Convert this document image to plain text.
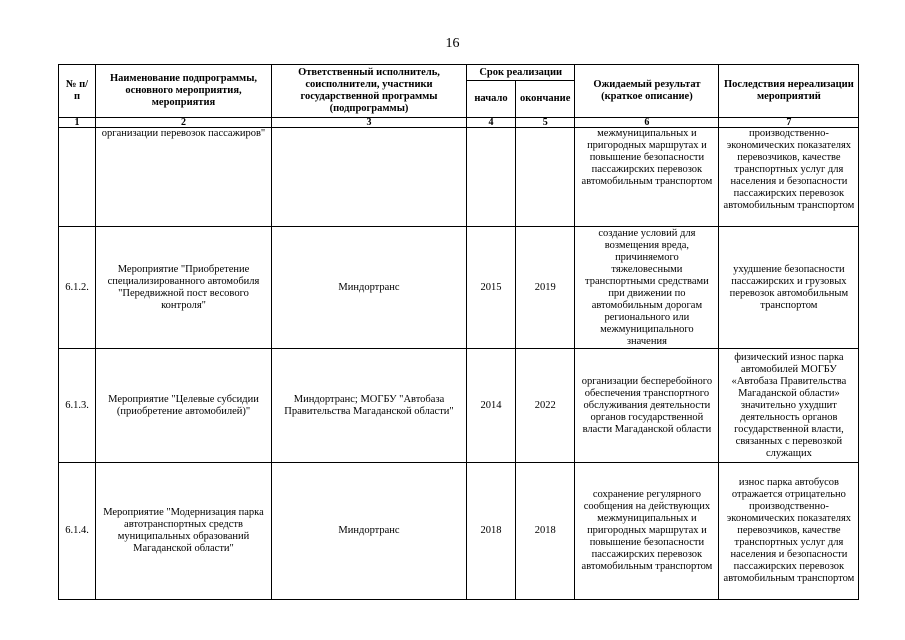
16
№ п/п	Наименование подпрограммы, основного мероприятия, мероприятия	Ответственный исполнитель, соисполнители, участники государственной программы (подпрограммы)	Срок реализации		Ожидаемый результат (краткое описание)	Последствия нереализации мероприятий
			начало	окончание		
1	2	3	4	5	6	7
	организации перевозок пассажиров"				межмуниципальных и пригородных маршрутах и повышение безопасности пассажирских перевозок автомобильным транспортом	производственно-экономических показателях перевозчиков, качестве транспортных услуг для населения и безопасности пассажирских перевозок автомобильным транспортом
6.1.2.	Мероприятие "Приобретение специализированного автомобиля "Передвижной пост весового контроля"	Миндортранс	2015	2019	создание условий для возмещения вреда, причиняемого тяжеловесными транспортными средствами при движении по автомобильным дорогам регионального или межмуниципального значения	ухудшение безопасности пассажирских и грузовых перевозок автомобильным транспортом
6.1.3.	Мероприятие "Целевые субсидии (приобретение автомобилей)"	Миндортранс; МОГБУ "Автобаза Правительства Магаданской области"	2014	2022	организации бесперебойного обеспечения транспортного обслуживания деятельности органов государственной власти Магаданской области	физический износ парка автомобилей МОГБУ «Автобаза Правительства Магаданской области» значительно ухудшит деятельность органов государственной власти, связанных с перевозкой служащих
6.1.4.	Мероприятие "Модернизация парка автотранспортных средств муниципальных образований Магаданской области"	Миндортранс	2018	2018	сохранение регулярного сообщения на действующих межмуниципальных и пригородных маршрутах и повышение безопасности пассажирских перевозок автомобильным транспортом	износ парка автобусов отражается отрицательно производственно-экономических показателях перевозчиков, качестве транспортных услуг для населения и безопасности пассажирских перевозок автомобильным транспортом
